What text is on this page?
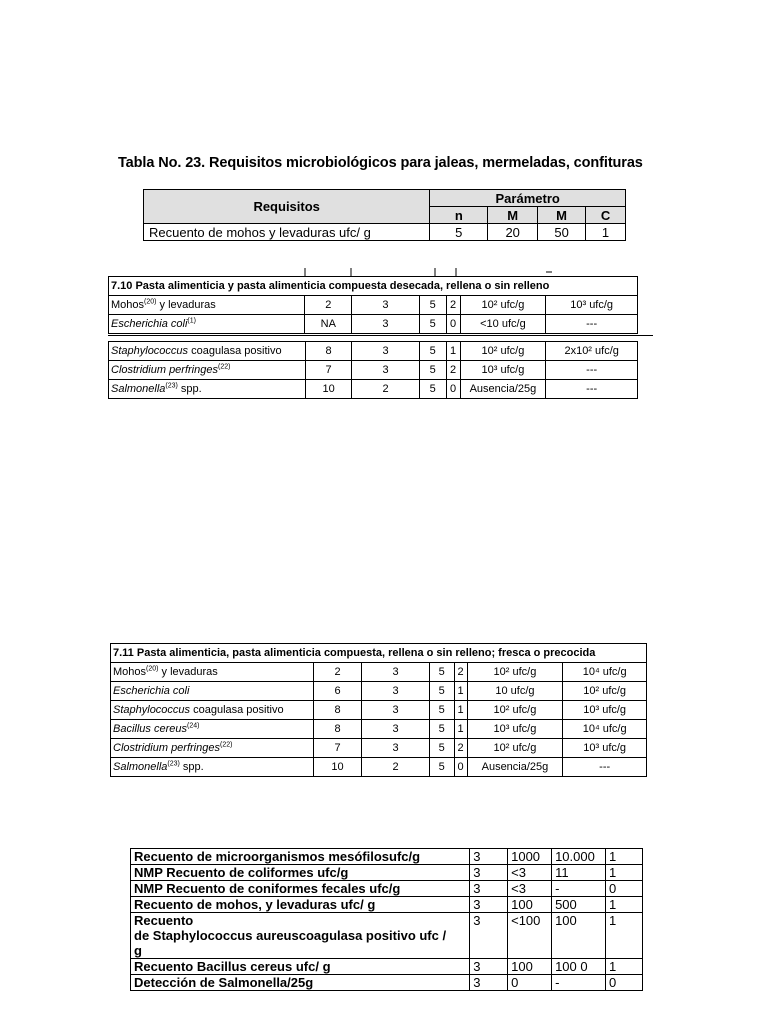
Tabla No. 23. Requisitos microbiológicos para jaleas, mermeladas, confituras
Requisitos	Parámetro			
	n	M	M	C
Recuento de mohos y levaduras ufc/ g	5	20	50	1
7.10 Pasta alimenticia y pasta alimenticia compuesta desecada, rellena o sin relleno						
Mohos$^{(20)}$ y levaduras	2	3	5	2	10² ufc/g	10³ ufc/g
Escherichia coli$^{(1)}$	NA	3	5	0	<10 ufc/g	---
Staphylococcus coagulasa positivo	8	3	5	1	10² ufc/g	2x10² ufc/g
Clostridium perfringes$^{(22)}$	7	3	5	2	10³ ufc/g	---
Salmonella$^{(23)}$ spp.	10	2	5	0	Ausencia/25g	---
7.11 Pasta alimenticia, pasta alimenticia compuesta, rellena o sin relleno; fresca o precocida						
Mohos$^{(20)}$ y levaduras	2	3	5	2	10² ufc/g	10⁴ ufc/g
Escherichia coli	6	3	5	1	10 ufc/g	10² ufc/g
Staphylococcus coagulasa positivo	8	3	5	1	10² ufc/g	10³ ufc/g
Bacillus cereus$^{(24)}$	8	3	5	1	10³ ufc/g	10⁴ ufc/g
Clostridium perfringes$^{(22)}$	7	3	5	2	10² ufc/g	10³ ufc/g
Salmonella$^{(23)}$ spp.	10	2	5	0	Ausencia/25g	---
Recuento de microorganismos mesófilosufc/g	3	1000	10.000	1
NMP Recuento de coliformes ufc/g	3	<3	11	1
NMP Recuento de coniformes fecales ufc/g	3	<3	-	0
Recuento de mohos, y levaduras ufc/ g	3	100	500	1
Recuento
de Staphylococcus aureuscoagulasa positivo ufc /
g	3	<100	100	1
Recuento Bacillus cereus ufc/ g	3	100	100 0	1
Detección de Salmonella/25g	3	0	-	0
